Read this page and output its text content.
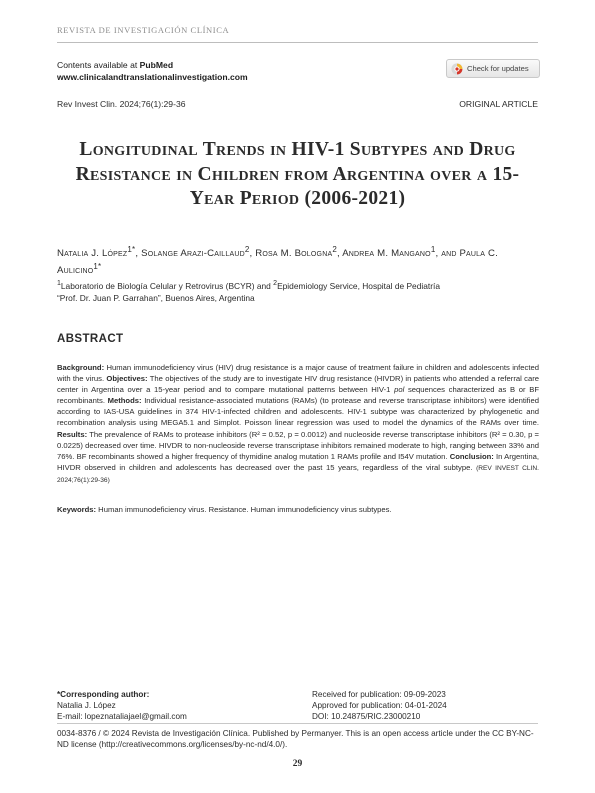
REVISTA DE INVESTIGACIÓN CLÍNICA
Contents available at PubMed
www.clinicalandtranslationalinvestigation.com
Check for updates
Rev Invest Clin. 2024;76(1):29-36	ORIGINAL ARTICLE
Longitudinal Trends in HIV-1 Subtypes and Drug Resistance in Children from Argentina over a 15-Year Period (2006-2021)
Natalia J. López$^{1*}$, Solange Arazi-Caillaud$^2$, Rosa M. Bologna$^2$, Andrea M. Mangano$^1$, and Paula C. Aulicino$^{1*}$
$^1$Laboratorio de Biología Celular y Retrovirus (BCYR) and $^2$Epidemiology Service, Hospital de Pediatría
“Prof. Dr. Juan P. Garrahan”, Buenos Aires, Argentina
ABSTRACT

Background: Human immunodeficiency virus (HIV) drug resistance is a major cause of treatment failure in children and adolescents infected with the virus. Objectives: The objectives of the study are to investigate HIV drug resistance (HIVDR) in patients who attended a referral care center in Argentina over a 15-year period and to compare mutational patterns between HIV-1 pol sequences characterized as B or BF recombinants. Methods: Individual resistance-associated mutations (RAMs) (to protease and reverse transcriptase inhibitors) were identified according to IAS-USA guidelines in 374 HIV-1-infected children and adolescents. HIV-1 subtype was characterized by phylogenetic and recombination analysis using MEGA5.1 and Simplot. Poisson linear regression was used to model the dynamics of the RAMs over time. Results: The prevalence of RAMs to protease inhibitors (R² = 0.52, p = 0.0012) and nucleoside reverse transcriptase inhibitors (R² = 0.30, p = 0.0225) decreased over time. HIVDR to non-nucleoside reverse transcriptase inhibitors remained moderate to high, ranging between 33% and 76%. BF recombinants showed a higher frequency of thymidine analog mutation 1 RAMs profile and I54V mutation. Conclusion: In Argentina, HIVDR observed in children and adolescents has decreased over the past 15 years, regardless of the viral subtype. (REV INVEST CLIN. 2024;76(1):29-36)

Keywords: Human immunodeficiency virus. Resistance. Human immunodeficiency virus subtypes.

*Corresponding author:
Natalia J. López
E-mail: lopeznataliajael@gmail.com
Received for publication: 09-09-2023
Approved for publication: 04-01-2024
DOI: 10.24875/RIC.23000210

0034-8376 / © 2024 Revista de Investigación Clínica. Published by Permanyer. This is an open access article under the CC BY-NC-ND license (http://creativecommons.org/licenses/by-nc-nd/4.0/).

29
